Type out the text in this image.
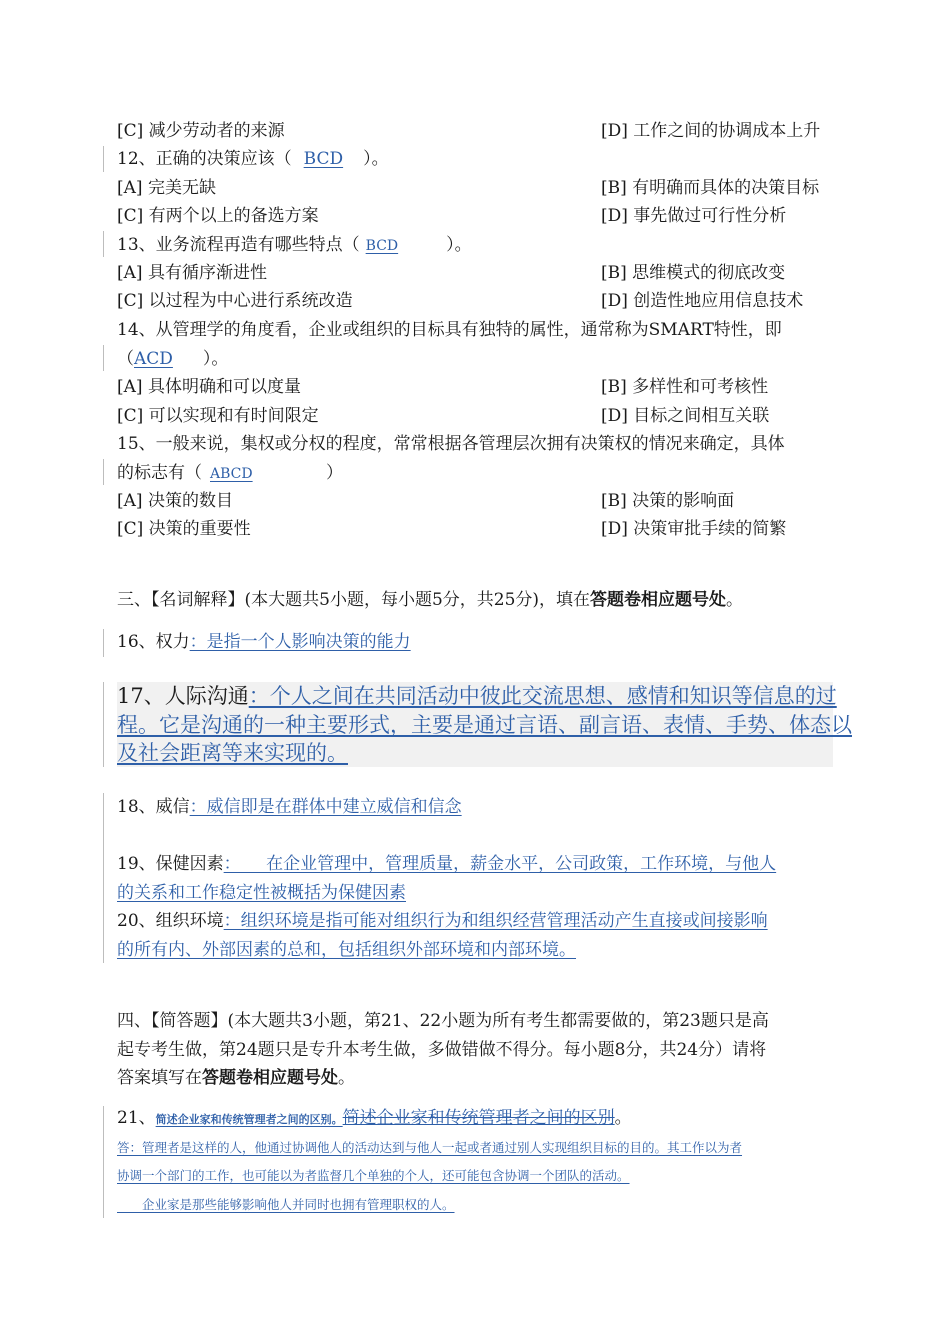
[C] 减少劳动者的来源	[D] 工作之间的协调成本上升
12、正确的决策应该（ BCD ）。
[A] 完美无缺	[B] 有明确而具体的决策目标
[C] 有两个以上的备选方案	[D] 事先做过可行性分析
13、业务流程再造有哪些特点（ BCD	）。
[A] 具有循序渐进性	[B] 思维模式的彻底改变
[C] 以过程为中心进行系统改造	[D] 创造性地应用信息技术
14、从管理学的角度看，企业或组织的目标具有独特的属性，通常称为SMART特性，即
（ACD ）。
[A] 具体明确和可以度量	[B] 多样性和可考核性
[C] 可以实现和有时间限定	[D] 目标之间相互关联
15、一般来说，集权或分权的程度，常常根据各管理层次拥有决策权的情况来确定，具体
的标志有（ ABCD	）
[A] 决策的数目	[B] 决策的影响面
[C] 决策的重要性	[D] 决策审批手续的简繁
三、【名词解释】(本大题共5小题，每小题5分，共25分)，填在答题卷相应题号处。
16、权力：是指一个人影响决策的能力
17、人际沟通：个人之间在共同活动中彼此交流思想、感情和知识等信息的过
程。它是沟通的一种主要形式，主要是通过言语、副言语、表情、手势、体态以
及社会距离等来实现的。
18、威信：威信即是在群体中建立威信和信念
19、保健因素：　　在企业管理中，管理质量，薪金水平，公司政策，工作环境，与他人
的关系和工作稳定性被概括为保健因素
20、组织环境：组织环境是指可能对组织行为和组织经营管理活动产生直接或间接影响
的所有内、外部因素的总和，包括组织外部环境和内部环境。
四、【简答题】(本大题共3小题，第21、22小题为所有考生都需要做的，第23题只是高
起专考生做，第24题只是专升本考生做，多做错做不得分。每小题8分，共24分）请将
答案填写在答题卷相应题号处。
21、简述企业家和传统管理者之间的区别。简述企业家和传统管理者之间的区别。
答：管理者是这样的人，他通过协调他人的活动达到与他人一起或者通过别人实现组织目标的目的。其工作以为者
协调一个部门的工作，也可能以为者监督几个单独的个人，还可能包含协调一个团队的活动。
　　企业家是那些能够影响他人并同时也拥有管理职权的人。
